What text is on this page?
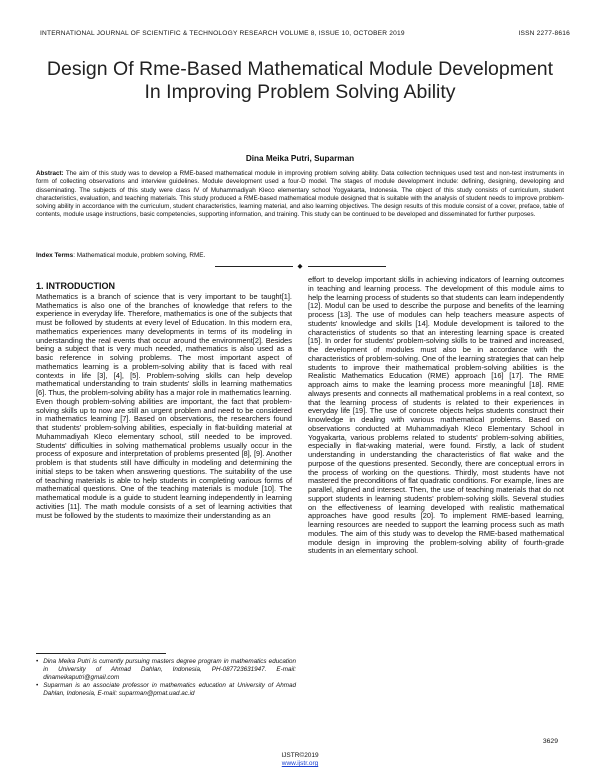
INTERNATIONAL JOURNAL OF SCIENTIFIC & TECHNOLOGY RESEARCH VOLUME 8, ISSUE 10, OCTOBER 2019	ISSN 2277-8616
Design Of Rme-Based Mathematical Module Development In Improving Problem Solving Ability
Dina Meika Putri, Suparman
Abstract: The aim of this study was to develop a RME-based mathematical module in improving problem solving ability. Data collection techniques used test and non-test instruments in form of collecting observations and interview guidelines. Module development used a four-D model. The stages of module development include: defining, designing, developing and disseminating. The subjects of this study were class IV of Muhammadiyah Kleco elementary school Yogyakarta, Indonesia. The object of this study consists of curriculum, student characteristics, evaluation, and teaching materials. This study produced a RME-based mathematical module designed that is suitable with the analysis of student needs to improve problem-solving ability in accordance with the curriculum, student characteristics, learning material, and also learning objectives. The design results of this module consist of a cover, preface, table of contents, module usage instructions, basic competencies, supporting information, and training. This study can be continued to be developed and disseminated for further purposes.
Index Terms: Mathematical module, problem solving, RME.
◆
1. INTRODUCTION

Mathematics is a branch of science that is very important to be taught[1]. Mathematics is also one of the branches of knowledge that refers to the experience in everyday life. Therefore, mathematics is one of the subjects that must be followed by students at every level of Education. In this modern era, mathematics experiences many developments in terms of its modeling in understanding the real events that occur around the environment[2]. Besides being a subject that is very much needed, mathematics is also used as a basic reference in solving problems. The most important aspect of mathematics learning is a problem-solving ability that is faced with real contexts in life [3], [4], [5]. Problem-solving skills can help develop mathematical understanding to train students' skills in learning mathematics [6]. Thus, the problem-solving ability has a major role in mathematics learning.

Even though problem-solving abilities are important, the fact that problem-solving skills up to now are still an urgent problem and need to be considered in mathematics learning [7]. Based on observations, the researchers found that students' problem-solving abilities, especially in flat-building material at Muhammadiyah Kleco elementary school, still needed to be improved. Students' difficulties in solving mathematical problems usually occur in the process of exposure and interpretation of problems presented [8], [9]. Another problem is that students still have difficulty in modeling and determining the initial steps to be taken when answering questions. The suitability of the use of teaching materials is able to help students in completing various forms of mathematical questions. One of the teaching materials is module [10]. The mathematical module is a guide to student learning independently in learning activities [11]. The math module consists of a set of learning activities that must be followed by the students to maximize their understanding as an

effort to develop important skills in achieving indicators of learning outcomes in teaching and learning process. The development of this module aims to help the learning process of students so that students can learn independently [12]. Modul can be used to describe the purpose and benefits of the learning process [13]. The use of modules can help teachers measure aspects of students' knowledge and skills [14]. Module development is tailored to the characteristics of students so that an interesting learning space is created [15]. In order for students' problem-solving skills to be trained and increased, the development of modules must also be in accordance with the characteristics of problem-solving. One of the learning strategies that can help students to improve their mathematical problem-solving abilities is the Realistic Mathematics Education (RME) approach [16] [17]. The RME approach aims to make the learning process more meaningful [18]. RME always presents and connects all mathematical problems in a real context, so that the learning process of students is related to their experiences in everyday life [19]. The use of concrete objects helps students construct their knowledge in dealing with various mathematical problems. Based on observations conducted at Muhammadiyah Kleco Elementary School in Yogyakarta, various problems related to students' problem-solving abilities, especially in flat-waking material, were found. Firstly, a lack of student understanding in understanding the characteristics of flat wake and the purpose of the questions presented. Secondly, there are conceptual errors in the process of working on the questions. Thirdly, most students have not mastered the preconditions of flat quadratic conditions. For example, lines are parallel, aligned and intersect. Then, the use of teaching materials that do not support students in learning students' problem-solving skills. Several studies on the effectiveness of learning developed with realistic mathematical approaches have good results [20]. To implement RME-based learning, learning resources are needed to support the learning process such as math modules. The aim of this study was to develop the RME-based mathematical module design in improving the problem-solving ability of fourth-grade students in an elementary school.

• Dina Meika Putri is currently pursuing masters degree program in mathematics education in University of Ahmad Dahlan, Indonesia, PH-087723631947. E-mail: dinameikaputri@gmail.com
• Suparman is an associate professor in mathematics education at University of Ahmad Dahlan, Indonesia, E-mail: suparman@pmat.uad.ac.id
3629
IJSTR©2019
www.ijstr.org
